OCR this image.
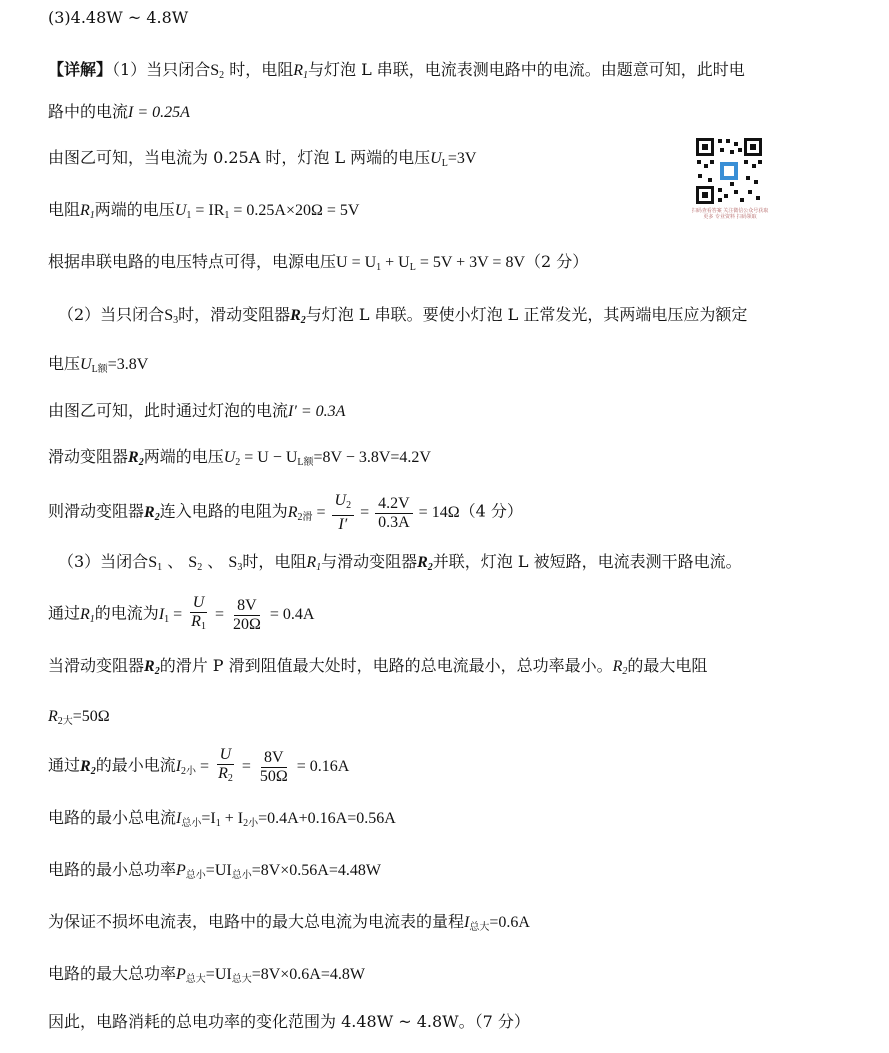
(3)4.48W ~ 4.8W
【详解】（1）当只闭合$S_2$ 时，电阻$R_1$与灯泡 L 串联，电流表测电路中的电流。由题意可知，此时电
路中的电流I = 0.25A
由图乙可知，当电流为 0.25A 时，灯泡 L 两端的电压$U_L=3V$
电阻$R_1$两端的电压$U_1 = IR_1 = 0.25A\times 20\Omega = 5V$
根据串联电路的电压特点可得，电源电压$U = U_1 + U_L = 5V + 3V = 8V(2$ 分）
（2）当只闭合$S_3$时，滑动变阻器$R_2$与灯泡 L 串联。要使小灯泡 L 正常发光，其两端电压应为额定
电压$U_{L额}=3.8V$
由图乙可知，此时通过灯泡的电流I′ = 0.3A
滑动变阻器$R_2$两端的电压$U_2 = U - U_{L额}=8V - 3.8V=4.2V$
则滑动变阻器$R_2$连入电路的电阻为$R_{2滑} = \frac{U_2}{I'} = \frac{4.2V}{0.3A} = 14\Omega(4$ 分）
（3）当闭合$S_1$ 、 $S_2$ 、 $S_3$时，电阻$R_1$与滑动变阻器$R_2$并联，灯泡 L 被短路，电流表测干路电流。
通过$R_1$的电流为$I_1 = \frac{U}{R_1} = \frac{8V}{20\Omega} = 0.4A$
当滑动变阻器$R_2$的滑片 P 滑到阻值最大处时，电路的总电流最小，总功率最小。$R_2$的最大电阻
$R_{2大}=50\Omega$
通过$R_2$的最小电流$I_{2小} = \frac{U}{R_2} = \frac{8V}{50\Omega} = 0.16A$
电路的最小总电流$I_{总小}=I_1 + I_{2小}=0.4A+0.16A=0.56A$
电路的最小总功率$P_{总小}=UI_{总小}=8V\times 0.56A=4.48W$
为保证不损坏电流表，电路中的最大总电流为电流表的量程$I_{总大}=0.6A$
电路的最大总功率$P_{总大}=UI_{总大}=8V\times 0.6A=4.8W$
因此，电路消耗的总电功率的变化范围为 4.48W ~ 4.8W。（7 分）
扫码查看答案 关注微信公众号获取更多 专业资料 扫码领取
